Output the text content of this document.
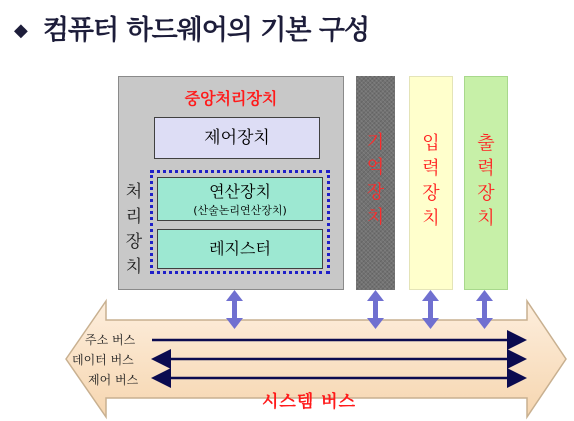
◆ 컴퓨터 하드웨어의 기본 구성
중앙처리장치
처
리
장
치
제어장치
연산장치
(산술논리연산장치)
레지스터
기
억
장
치
입
력
장
치
출
력
장
치
주소 버스
데이터 버스
제어 버스
시스템 버스
